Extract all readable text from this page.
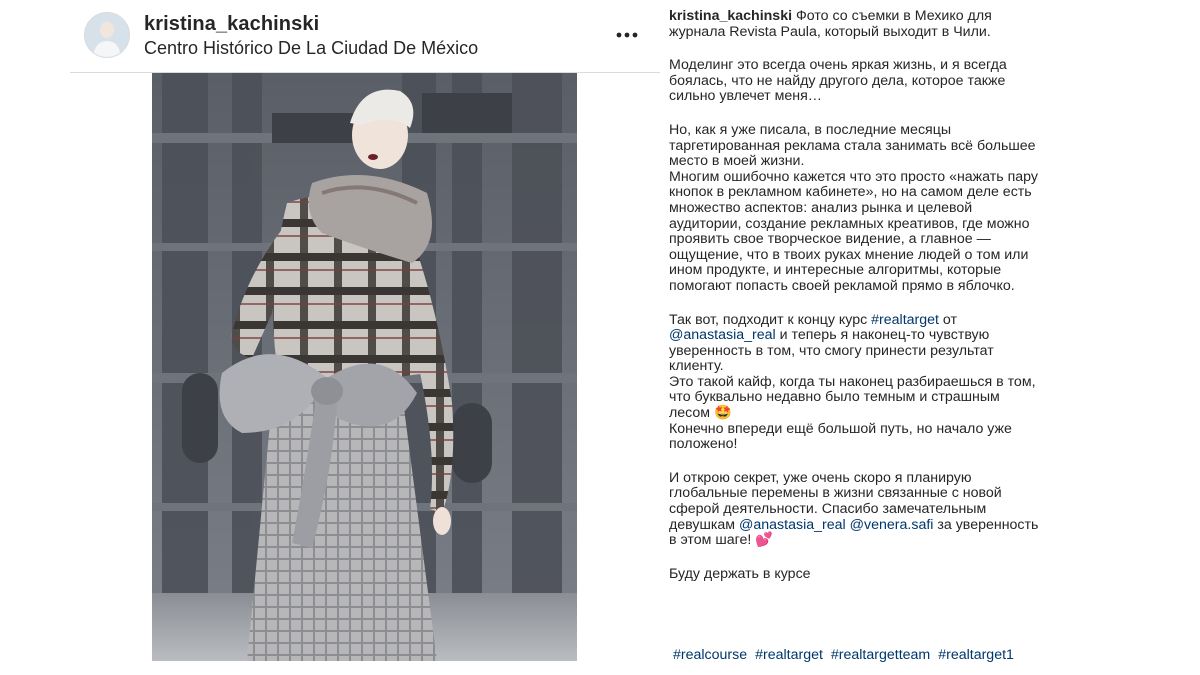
kristina_kachinski
Centro Histórico De La Ciudad De México

kristina_kachinski Фото со съемки в Мехико для журнала Revista Paula, который выходит в Чили.

Моделинг это всегда очень яркая жизнь, и я всегда боялась, что не найду другого дела, которое также сильно увлечет меня…

Но, как я уже писала, в последние месяцы таргетированная реклама стала занимать всё большее место в моей жизни.
Многим ошибочно кажется что это просто «нажать пару кнопок в рекламном кабинете», но на самом деле есть множество аспектов: анализ рынка и целевой аудитории, создание рекламных креативов, где можно проявить свое творческое видение, а главное — ощущение, что в твоих руках мнение людей о том или ином продукте, и интересные алгоритмы, которые помогают попасть своей рекламой прямо в яблочко.

Так вот, подходит к концу курс #realtarget от @anastasia_real и теперь я наконец-то чувствую уверенность в том, что смогу принести результат клиенту.
Это такой кайф, когда ты наконец разбираешься в том, что буквально недавно было темным и страшным лесом 🤩
Конечно впереди ещё большой путь, но начало уже положено!

И открою секрет, уже очень скоро я планирую глобальные перемены в жизни связанные с новой сферой деятельности. Спасибо замечательным девушкам @anastasia_real @venera.safi за уверенность в этом шаге! 💕

Буду держать в курсе

#realcourse #realtarget #realtargetteam #realtarget1
